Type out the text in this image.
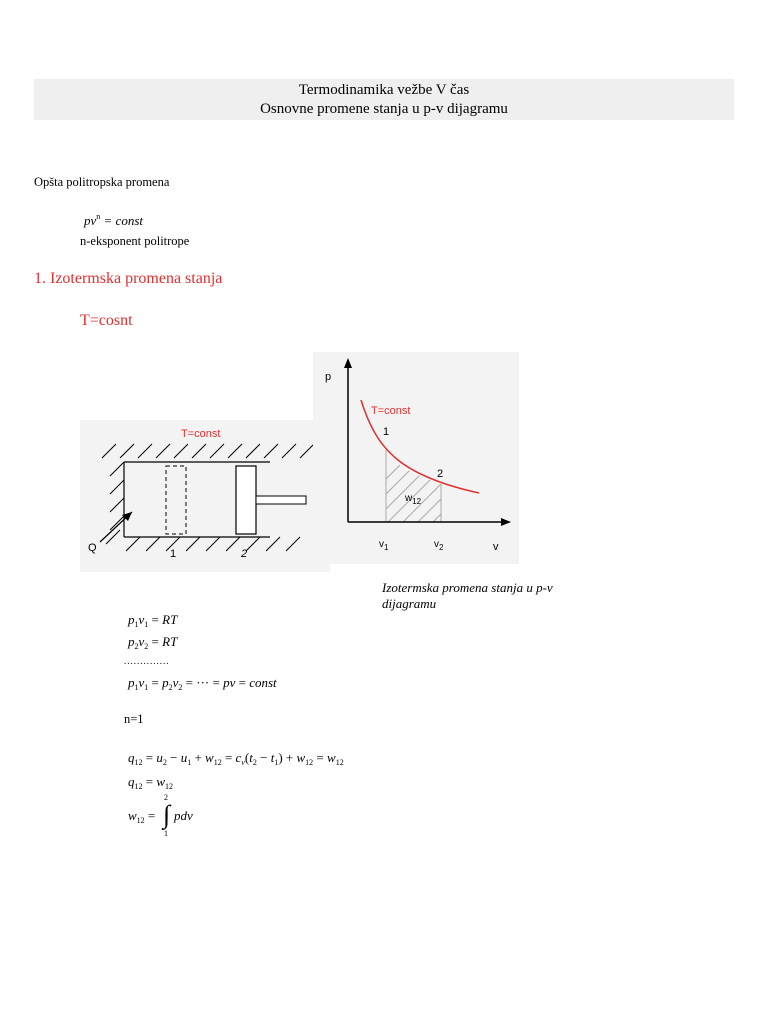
Termodinamika vežbe V čas
Osnovne promene stanja u p-v dijagramu
Opšta politropska promena
$pv^n$ = const
n-eksponent politrope
1. Izotermska promena stanja
T=cosnt
T=const
Q	1	2
p
v
T=const
1
2
$w_{12}$
$v_1$	$v_2$
Izotermska promena stanja u p-v dijagramu
$p_1v_1$ = RT
$p_2v_2$ = RT
..............
$p_1v_1 = p_2v_2$ = ··· = pv = const
n=1
$q_{12} = u_2 - u_1 + w_{12} = c_v(t_2 - t_1) + w_{12} = w_{12}$
$q_{12} = w_{12}$
$w_{12}$ =
2
∫
1
pdv
